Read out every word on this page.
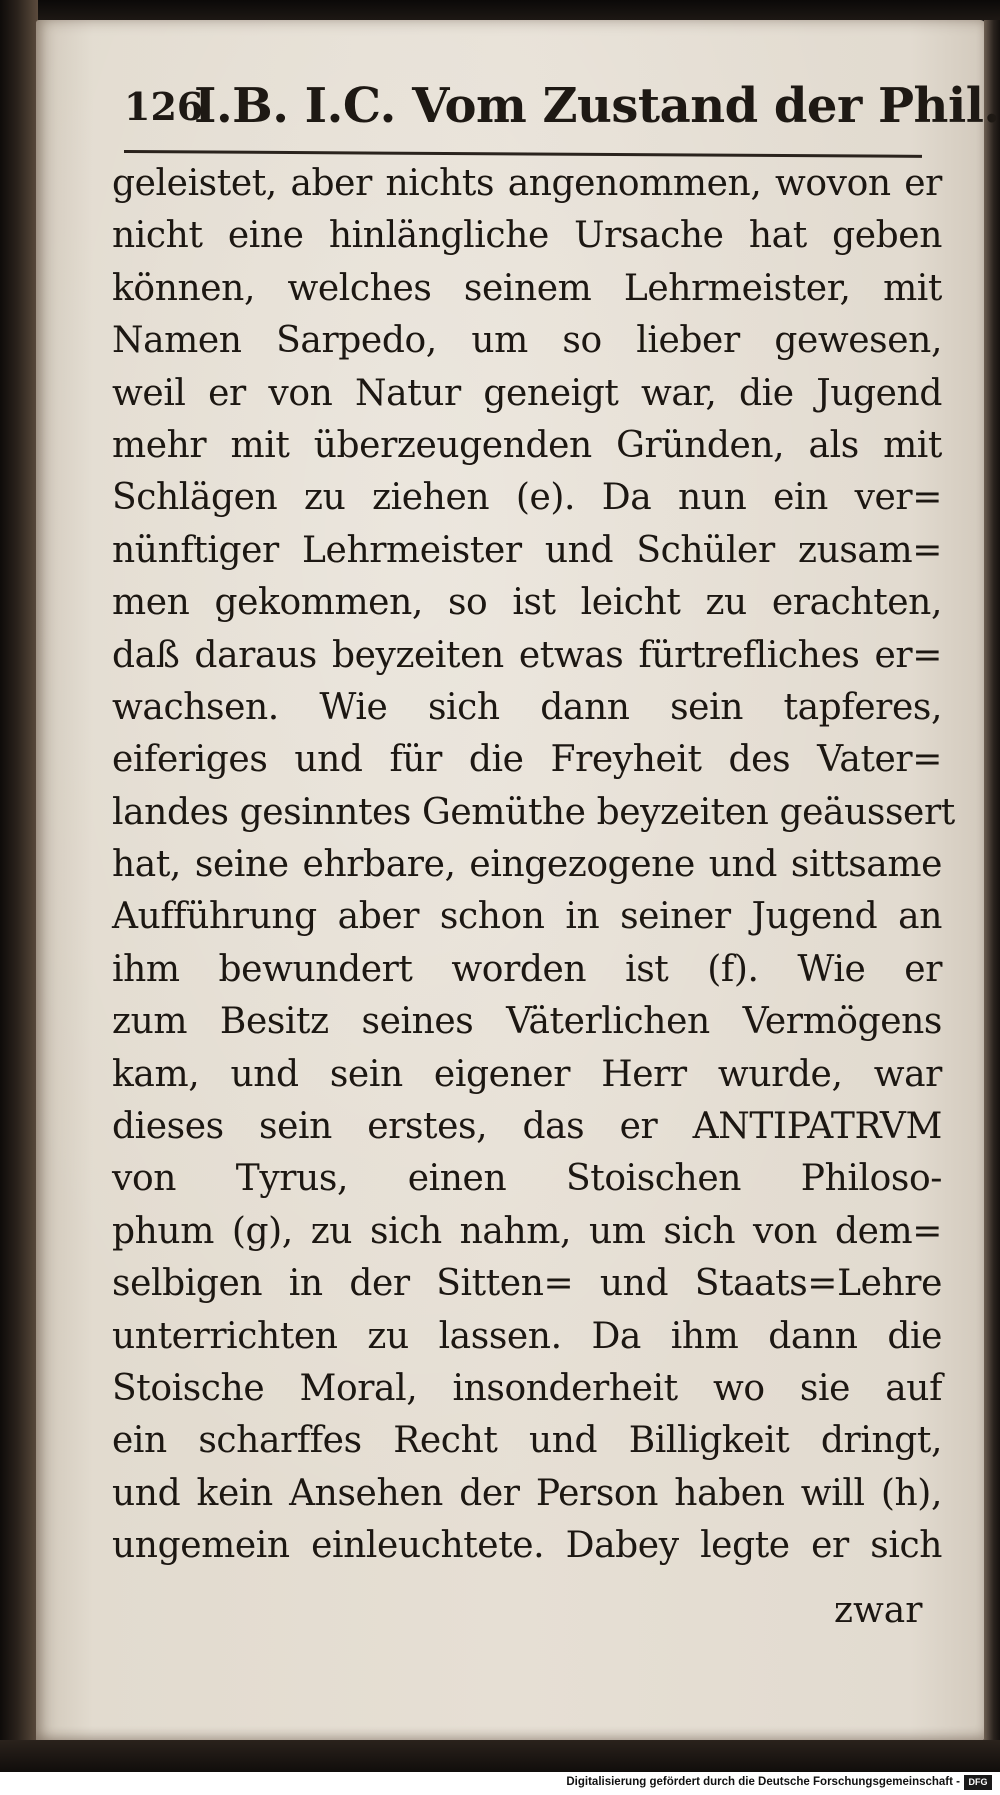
126
I.B. I.C. Vom Zustand der Phil.
geleistet, aber nichts angenommen, wovon er
nicht eine hinlängliche Ursache hat geben
können, welches seinem Lehrmeister, mit
Namen Sarpedo, um so lieber gewesen,
weil er von Natur geneigt war, die Jugend
mehr mit überzeugenden Gründen, als mit
Schlägen zu ziehen (e). Da nun ein ver=
nünftiger Lehrmeister und Schüler zusam=
men gekommen, so ist leicht zu erachten,
daß daraus beyzeiten etwas fürtrefliches er=
wachsen. Wie sich dann sein tapferes,
eiferiges und für die Freyheit des Vater=
landes gesinntes Gemüthe beyzeiten geäussert
hat, seine ehrbare, eingezogene und sittsame
Aufführung aber schon in seiner Jugend an
ihm bewundert worden ist (f). Wie er
zum Besitz seines Väterlichen Vermögens
kam, und sein eigener Herr wurde, war
dieses sein erstes, das er ANTIPATRVM
von Tyrus, einen Stoischen Philoso-
phum (g), zu sich nahm, um sich von dem=
selbigen in der Sitten= und Staats=Lehre
unterrichten zu lassen. Da ihm dann die
Stoische Moral, insonderheit wo sie auf
ein scharffes Recht und Billigkeit dringt,
und kein Ansehen der Person haben will (h),
ungemein einleuchtete. Dabey legte er sich
zwar
Digitalisierung gefördert durch die Deutsche Forschungsgemeinschaft - DFG
